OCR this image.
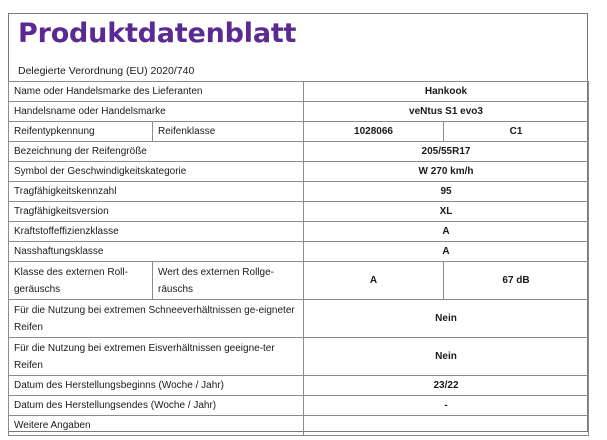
Produktdatenblatt
Delegierte Verordnung (EU) 2020/740
Name oder Handelsmarke des Lieferanten		Hankook	
Handelsname oder Handelsmarke		veNtus S1 evo3	
Reifentypkennung	Reifenklasse	1028066	C1
Bezeichnung der Reifengröße		205/55R17	
Symbol der Geschwindigkeitskategorie		W 270 km/h	
Tragfähigkeitskennzahl		95	
Tragfähigkeitsversion		XL	
Kraftstoffeffizienzklasse		A	
Nasshaftungsklasse		A	
Klasse des externen Roll-geräuschs	Wert des externen Rollge-räuschs	A	67 dB
Für die Nutzung bei extremen Schneeverhältnissen ge-eigneter Reifen		Nein	
Für die Nutzung bei extremen Eisverhältnissen geeigne-ter Reifen		Nein	
Datum des Herstellungsbeginns (Woche / Jahr)		23/22	
Datum des Herstellungsendes (Woche / Jahr)		-	
Weitere Angaben			
